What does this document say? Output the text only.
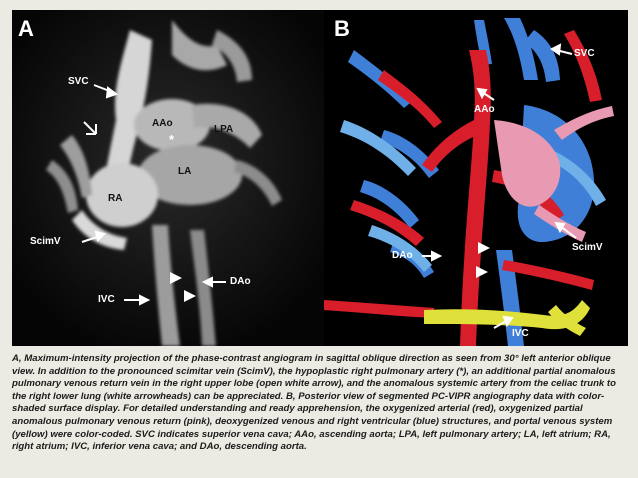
A
SVC
AAo
*
LPA
LA
RA
ScimV
DAo
IVC
B
SVC
AAo
ScimV
DAo
IVC
A, Maximum-intensity projection of the phase-contrast angiogram in sagittal oblique direction as seen from 30° left anterior oblique view. In addition to the pronounced scimitar vein (ScimV), the hypoplastic right pulmonary artery (*), an additional partial anomalous pulmonary venous return vein in the right upper lobe (open white arrow), and the anomalous systemic artery from the celiac trunk to the right lower lung (white arrowheads) can be appreciated. B, Posterior view of segmented PC-VIPR angiography data with color-shaded surface display. For detailed understanding and ready apprehension, the oxygenized arterial (red), oxygenized partial anomalous pulmonary venous return (pink), deoxygenized venous and right ventricular (blue) structures, and portal venous system (yellow) were color-coded. SVC indicates superior vena cava; AAo, ascending aorta; LPA, left pulmonary artery; LA, left atrium; RA, right atrium; IVC, inferior vena cava; and DAo, descending aorta.
